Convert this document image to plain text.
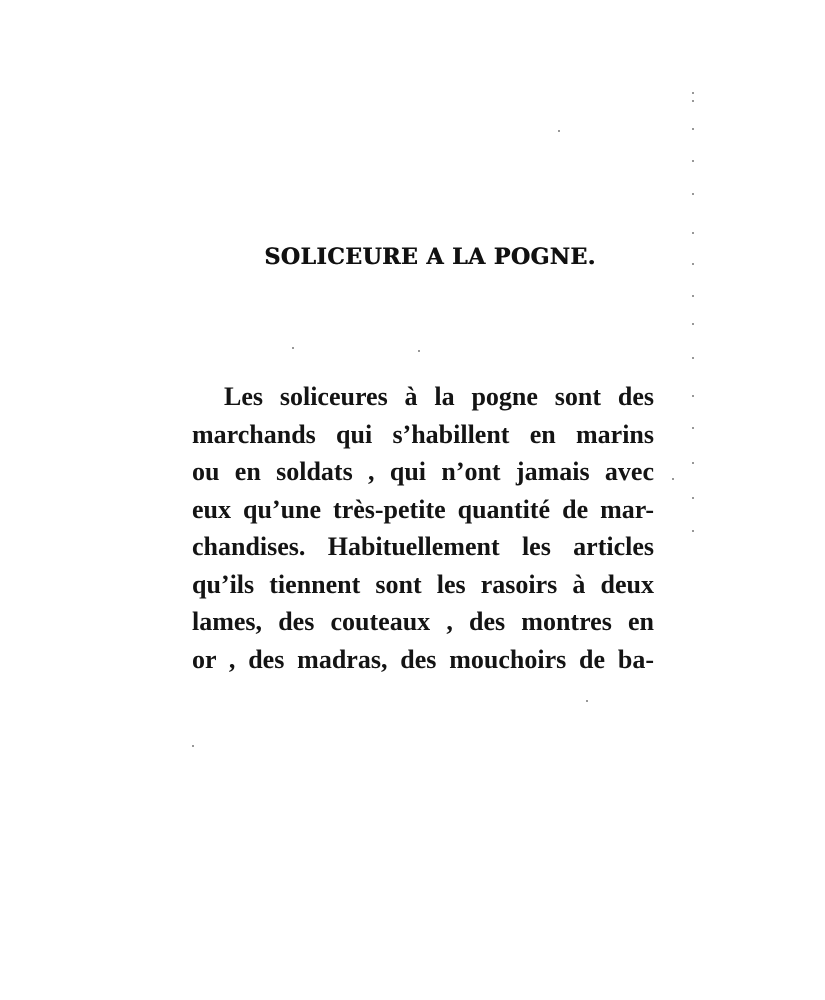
SOLICEURE A LA POGNE.
Les soliceures à la pogne sont des
marchands qui s’habillent en marins
ou en soldats , qui n’ont jamais avec
eux qu’une très-petite quantité de mar-
chandises. Habituellement les articles
qu’ils tiennent sont les rasoirs à deux
lames, des couteaux , des montres en
or , des madras, des mouchoirs de ba-
